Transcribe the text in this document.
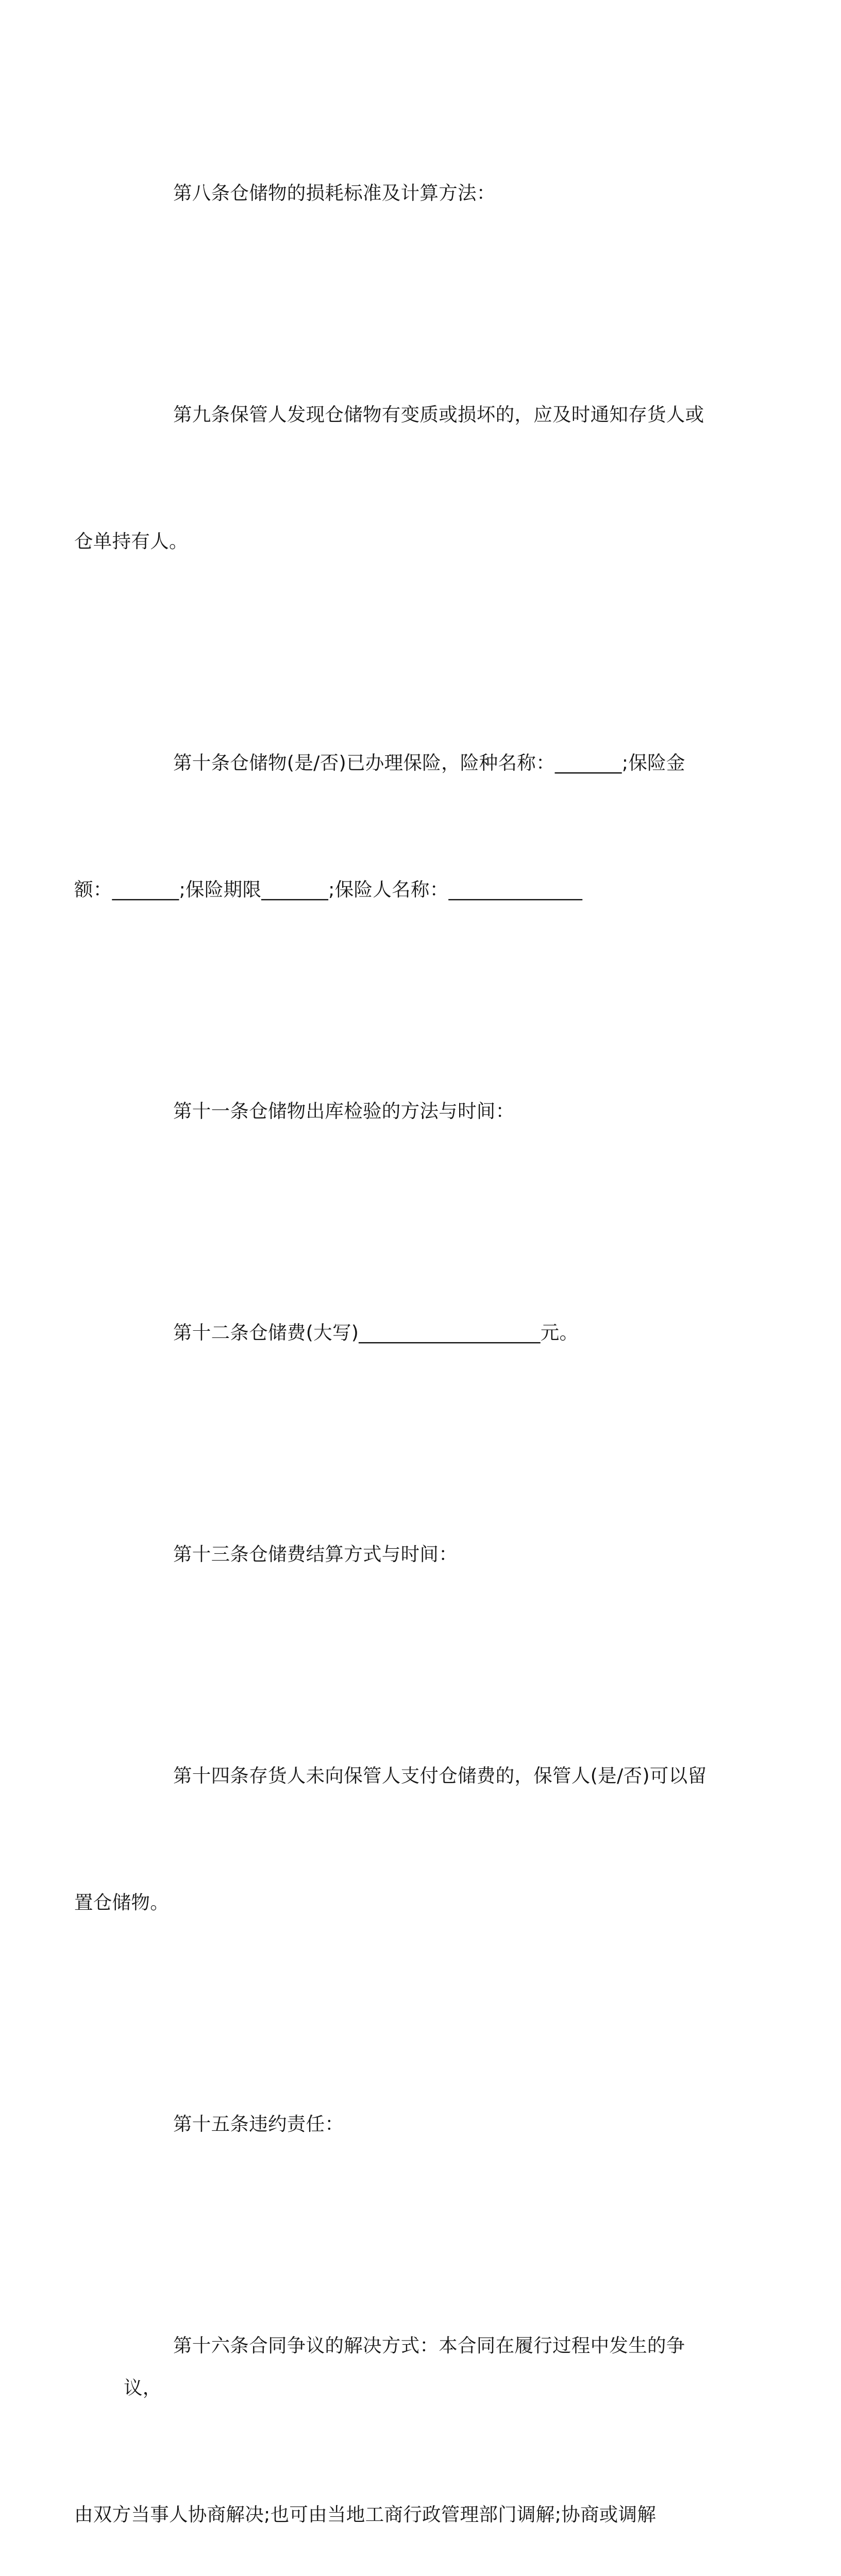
第八条仓储物的损耗标准及计算方法：

第九条保管人发现仓储物有变质或损坏的，应及时通知存货人或

仓单持有人。

第十条仓储物(是/否)已办理保险，险种名称：_______;保险金

额：_______;保险期限_______;保险人名称：______________

第十一条仓储物出库检验的方法与时间：

第十二条仓储费(大写)___________________元。

第十三条仓储费结算方式与时间：

第十四条存货人未向保管人支付仓储费的，保管人(是/否)可以留

置仓储物。

第十五条违约责任：

第十六条合同争议的解决方式：本合同在履行过程中发生的争议，

由双方当事人协商解决;也可由当地工商行政管理部门调解;协商或调解
